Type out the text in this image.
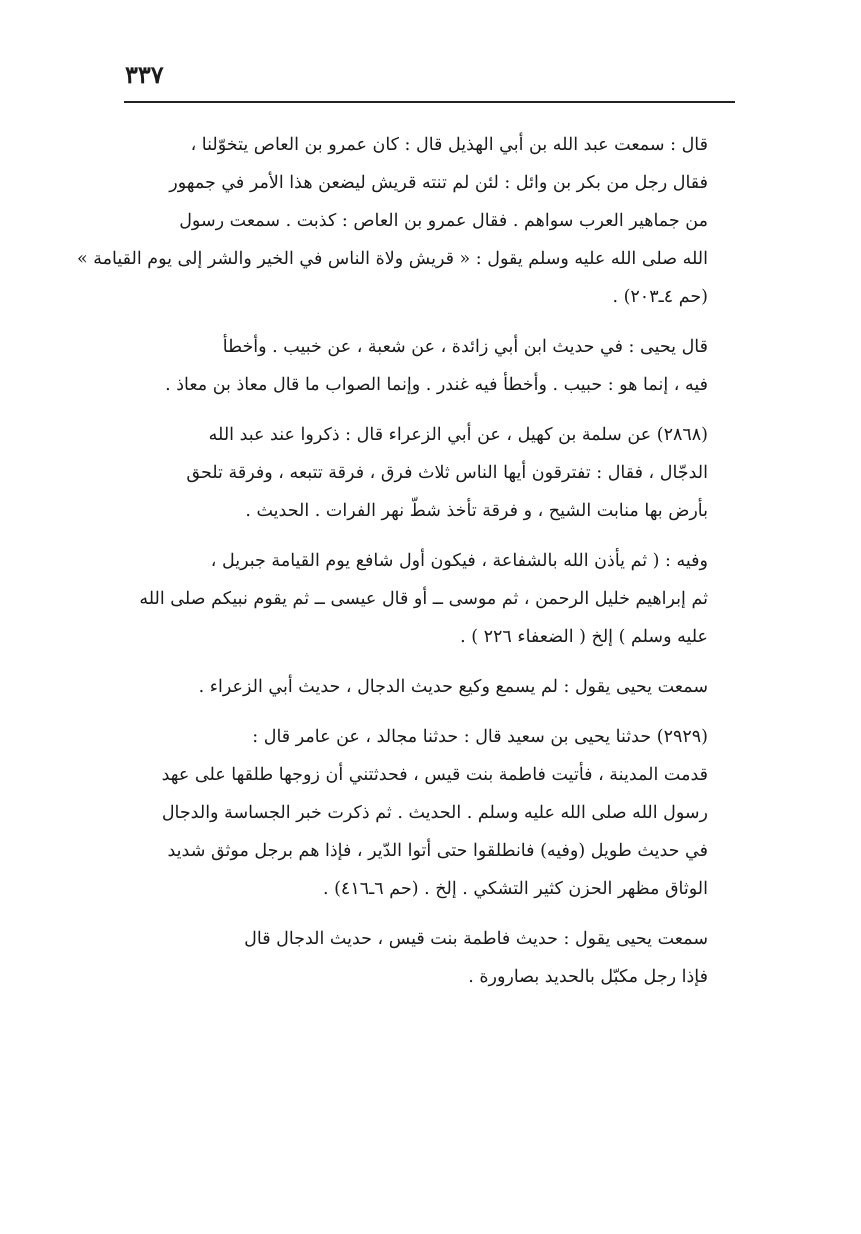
٣٣٧

قال : سمعت عبد الله بن أبي الهذيل قال : كان عمرو بن العاص يتخوّلنا ،
فقال رجل من بكر بن وائل : لئن لم تنته قريش ليضعن هذا الأمر في جمهور
من جماهير العرب سواهم . فقال عمرو بن العاص : كذبت . سمعت رسول
الله صلى الله عليه وسلم يقول : « قريش ولاة الناس في الخير والشر إلى يوم القيامة »
(حم ٤ـ٢٠٣) .

قال يحيى : في حديث ابن أبي زائدة ، عن شعبة ، عن خبيب . وأخطأ
فيه ، إنما هو : حبيب . وأخطأ فيه غندر . وإنما الصواب ما قال معاذ بن معاذ .

(٢٨٦٨) عن سلمة بن كهيل ، عن أبي الزعراء قال : ذكروا عند عبد الله
الدجّال ، فقال : تفترقون أيها الناس ثلاث فرق ، فرقة تتبعه ، وفرقة تلحق
بأرض بها منابت الشيح ، و فرقة تأخذ شطّ نهر الفرات . الحديث .

وفيه : ( ثم يأذن الله بالشفاعة ، فيكون أول شافع يوم القيامة جبريل ،
ثم إبراهيم خليل الرحمن ، ثم موسى ــ أو قال عيسى ــ ثم يقوم نبيكم صلى الله
عليه وسلم ) إلخ ( الضعفاء ٢٢٦ ) .

سمعت يحيى يقول : لم يسمع وكيع حديث الدجال ، حديث أبي الزعراء .

(٢٩٢٩) حدثنا يحيى بن سعيد قال : حدثنا مجالد ، عن عامر قال :
قدمت المدينة ، فأتيت فاطمة بنت قيس ، فحدثتني أن زوجها طلقها على عهد
رسول الله صلى الله عليه وسلم . الحديث . ثم ذكرت خبر الجساسة والدجال
في حديث طويل (وفيه) فانطلقوا حتى أتوا الدّير ، فإذا هم برجل موثق شديد
الوثاق مظهر الحزن كثير التشكي . إلخ . (حم ٦ـ٤١٦) .

سمعت يحيى يقول : حديث فاطمة بنت قيس ، حديث الدجال قال
فإذا رجل مكبّل بالحديد بصارورة .
